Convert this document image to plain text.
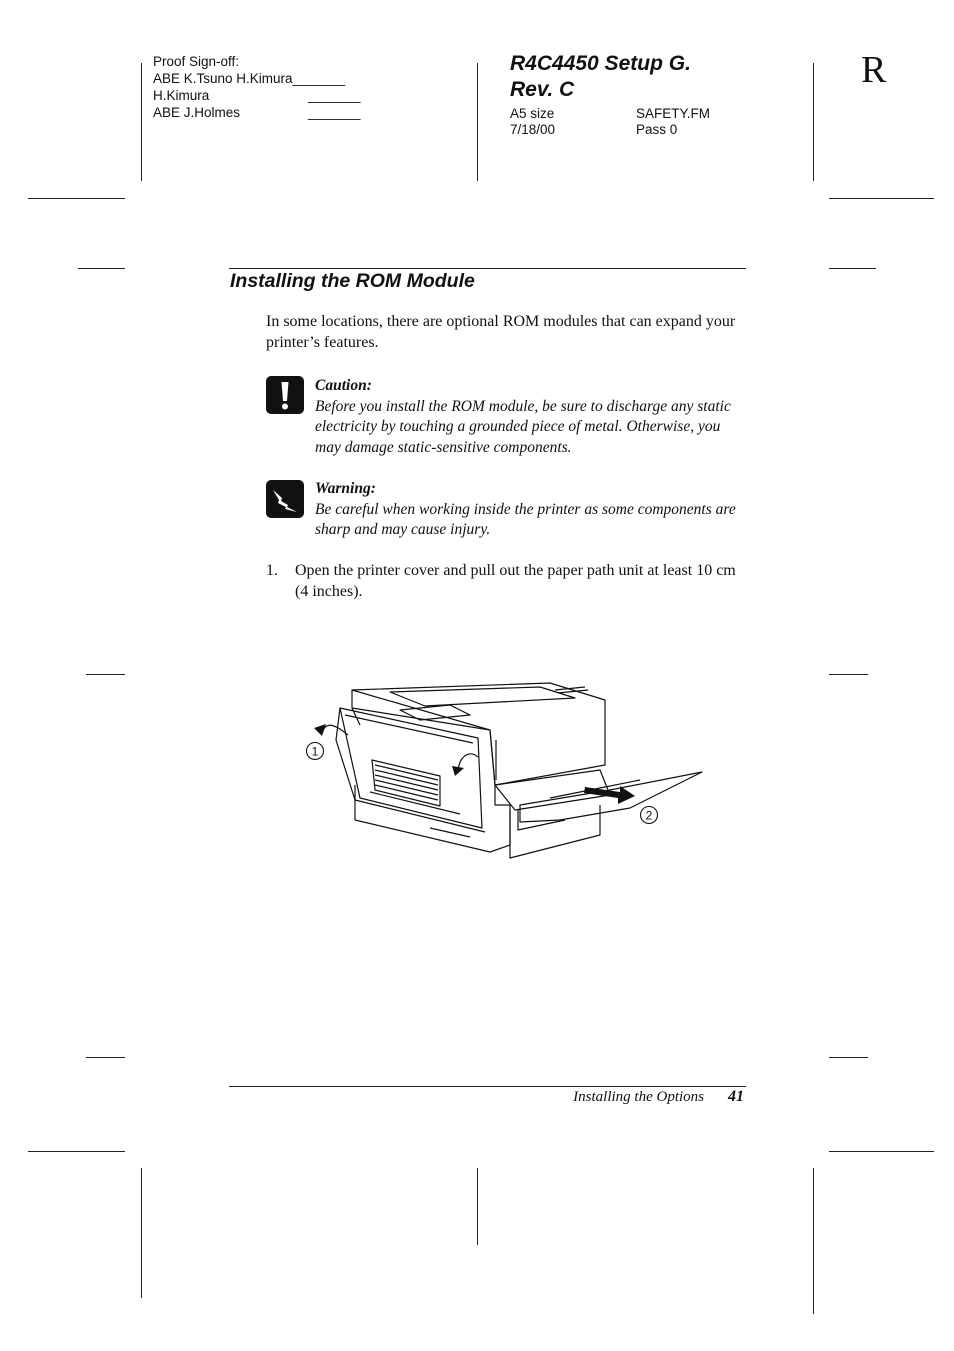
Proof Sign-off:
ABE K.Tsuno H.Kimura_______
H.Kimura	_______
ABE J.Holmes	_______
R4C4450 Setup G.
Rev. C
A5 size	SAFETY.FM
7/18/00	Pass 0
R
Installing the ROM Module
In some locations, there are optional ROM modules that can expand your printer’s features.
Caution:
Before you install the ROM module, be sure to discharge any static electricity by touching a grounded piece of metal. Otherwise, you may damage static-sensitive components.
Warning:
Be careful when working inside the printer as some components are sharp and may cause injury.
1. Open the printer cover and pull out the paper path unit at least 10 cm (4 inches).
1
2
Installing the Options 41
